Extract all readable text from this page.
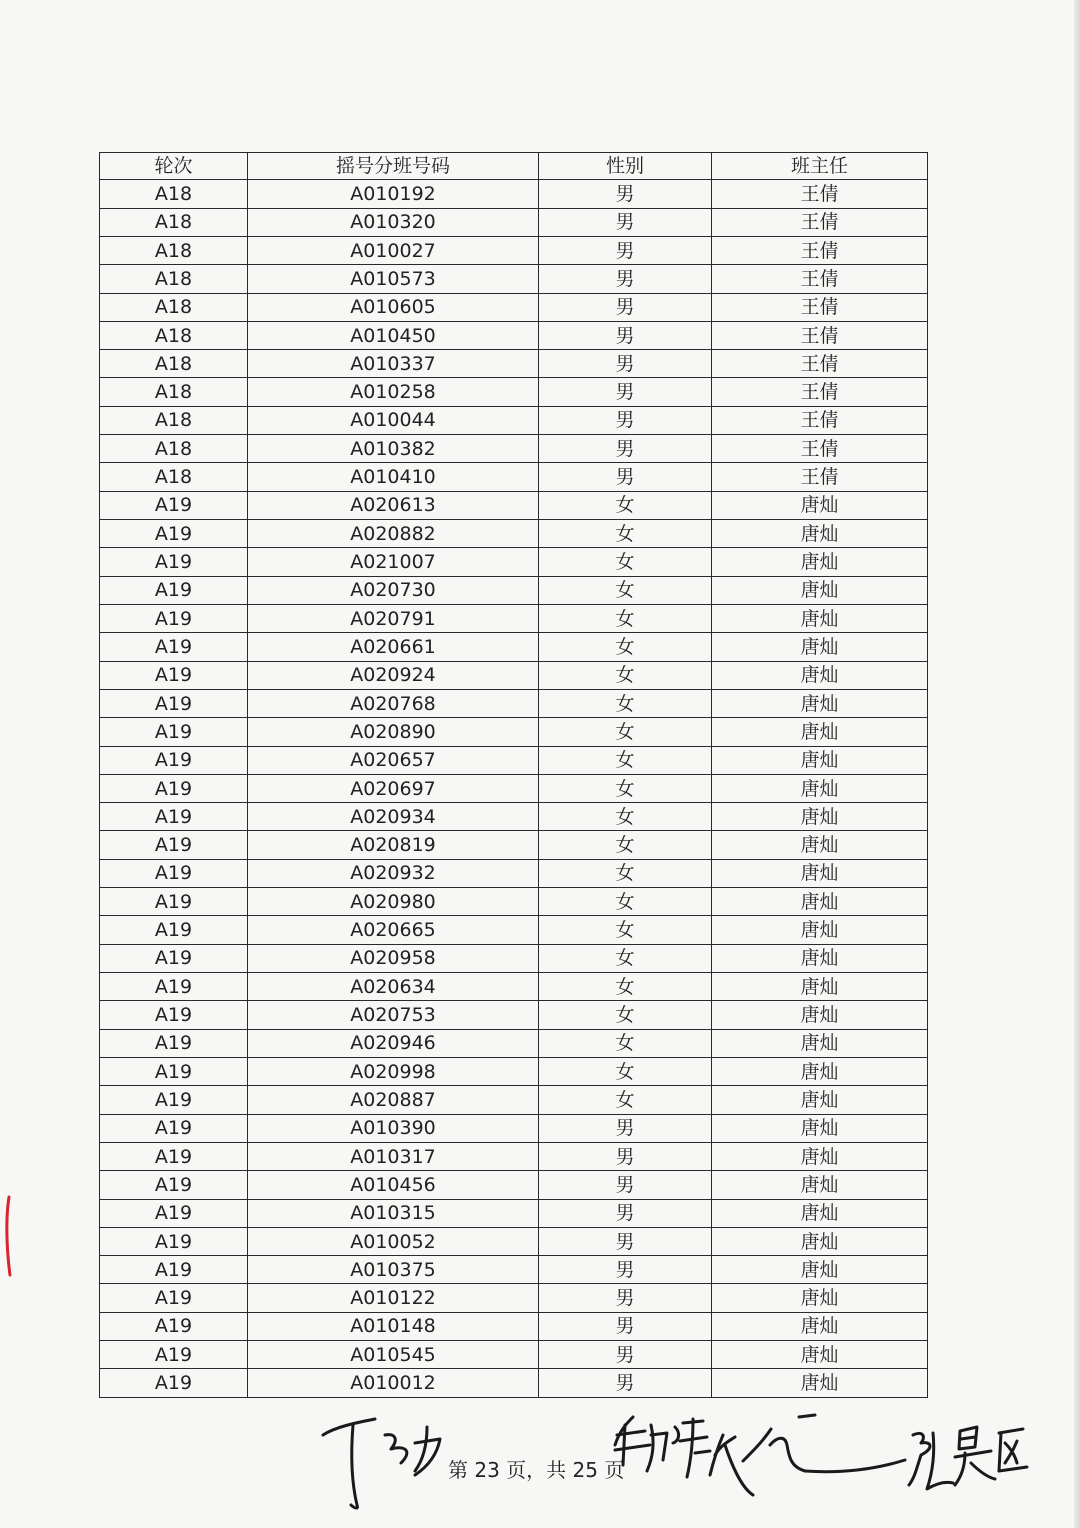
轮次	摇号分班号码	性别	班主任
A18	A010192	男	王倩
A18	A010320	男	王倩
A18	A010027	男	王倩
A18	A010573	男	王倩
A18	A010605	男	王倩
A18	A010450	男	王倩
A18	A010337	男	王倩
A18	A010258	男	王倩
A18	A010044	男	王倩
A18	A010382	男	王倩
A18	A010410	男	王倩
A19	A020613	女	唐灿
A19	A020882	女	唐灿
A19	A021007	女	唐灿
A19	A020730	女	唐灿
A19	A020791	女	唐灿
A19	A020661	女	唐灿
A19	A020924	女	唐灿
A19	A020768	女	唐灿
A19	A020890	女	唐灿
A19	A020657	女	唐灿
A19	A020697	女	唐灿
A19	A020934	女	唐灿
A19	A020819	女	唐灿
A19	A020932	女	唐灿
A19	A020980	女	唐灿
A19	A020665	女	唐灿
A19	A020958	女	唐灿
A19	A020634	女	唐灿
A19	A020753	女	唐灿
A19	A020946	女	唐灿
A19	A020998	女	唐灿
A19	A020887	女	唐灿
A19	A010390	男	唐灿
A19	A010317	男	唐灿
A19	A010456	男	唐灿
A19	A010315	男	唐灿
A19	A010052	男	唐灿
A19	A010375	男	唐灿
A19	A010122	男	唐灿
A19	A010148	男	唐灿
A19	A010545	男	唐灿
A19	A010012	男	唐灿
第 23 页，共 25 页
